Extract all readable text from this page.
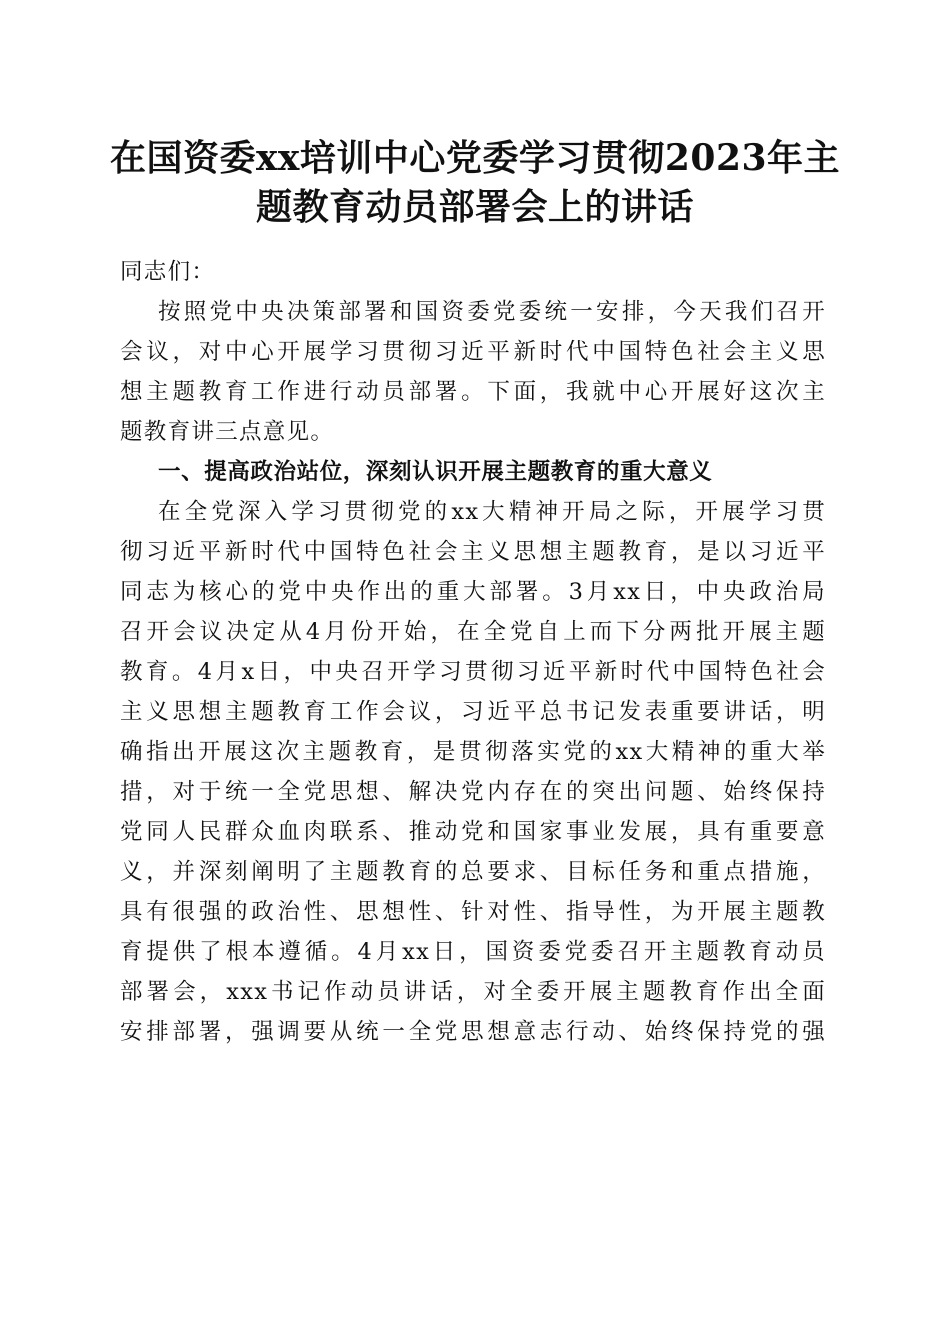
在国资委xx培训中心党委学习贯彻2023年主
题教育动员部署会上的讲话
同志们：
按照党中央决策部署和国资委党委统一安排，今天我们召开
会议，对中心开展学习贯彻习近平新时代中国特色社会主义思
想主题教育工作进行动员部署。下面，我就中心开展好这次主
题教育讲三点意见。
一、提高政治站位，深刻认识开展主题教育的重大意义
在全党深入学习贯彻党的xx大精神开局之际，开展学习贯
彻习近平新时代中国特色社会主义思想主题教育，是以习近平
同志为核心的党中央作出的重大部署。3月xx日，中央政治局
召开会议决定从4月份开始，在全党自上而下分两批开展主题
教育。4月x日，中央召开学习贯彻习近平新时代中国特色社会
主义思想主题教育工作会议，习近平总书记发表重要讲话，明
确指出开展这次主题教育，是贯彻落实党的xx大精神的重大举
措，对于统一全党思想、解决党内存在的突出问题、始终保持
党同人民群众血肉联系、推动党和国家事业发展，具有重要意
义，并深刻阐明了主题教育的总要求、目标任务和重点措施，
具有很强的政治性、思想性、针对性、指导性，为开展主题教
育提供了根本遵循。4月xx日，国资委党委召开主题教育动员
部署会，xxx书记作动员讲话，对全委开展主题教育作出全面
安排部署，强调要从统一全党思想意志行动、始终保持党的强
